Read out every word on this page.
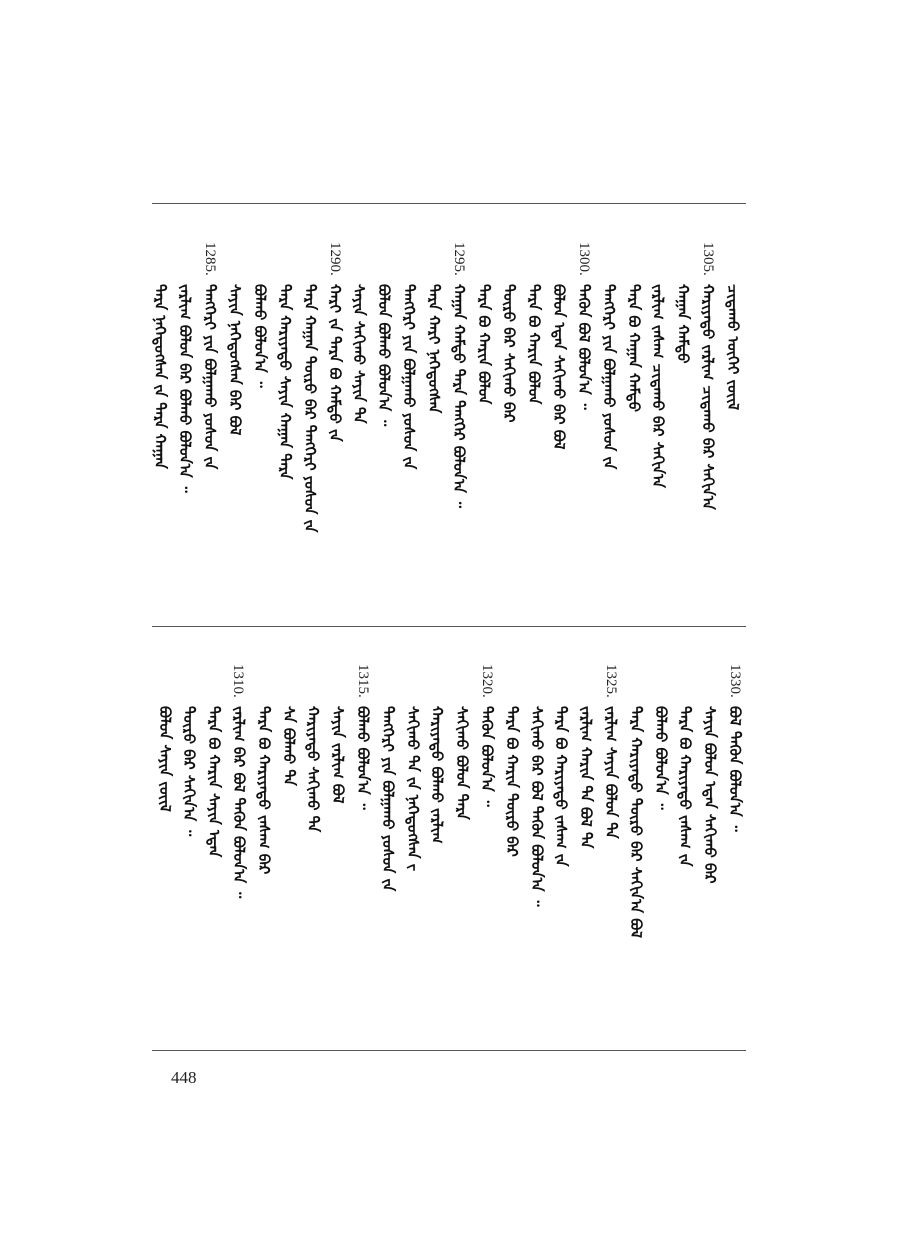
1305.
1300.
1295.
1290.
1285.
ᠴᠢᠳᠠᠬᠤ ᠦᠭᠡᠢ ᠵᠦᠢᠯ
ᠬᠠᠷᠢᠶᠠᠲᠤ ᠵᠠᠷᠯᠢᠭ ᠴᠢᠳᠠᠬᠤ ᠪᠠᠷ ᠰᠠᠬᠢᠨ᠎ᠠ
ᠬᠠᠭᠠᠨ ᠬᠠᠮᠲᠤ
ᠵᠠᠷᠯᠢᠭ ᠵᠠᠰᠠᠭ ᠴᠢᠳᠠᠬᠤ ᠪᠠᠷ ᠰᠠᠬᠢᠨ᠎ᠠ
ᠲᠡᠷᠡ ᠪᠣ ᠬᠠᠭᠠᠨ ᠬᠠᠮᠲᠤ
ᠲᠡᠩᠭᠡᠷᠢ ᠶᠢᠨ ᠪᠣᠯᠭᠠᠬᠤ ᠶᠣᠰᠣᠨ ᠵᠠ
ᠲᠡᠭᠦᠨ ᠪᠣᠯ ᠪᠣᠯᠤᠨ᠎ᠠ ᠃
ᠪᠣᠯᠤᠨ ᠡᠳᠡᠨ ᠰᠠᠬᠢᠬᠤ ᠪᠠᠷ ᠪᠣᠯ
ᠲᠡᠷᠡ ᠪᠣ ᠬᠠᠷᠢᠨ ᠪᠣᠯᠤᠨ
ᠲᠦᠷᠦ ᠪᠠᠷ ᠰᠠᠬᠢᠬᠤ ᠪᠠᠷ
ᠲᠡᠷᠡ ᠪᠣ ᠬᠠᠷᠢᠨ ᠪᠣᠯᠤᠨ
ᠬᠠᠭᠠᠨ ᠬᠠᠮᠲᠤ ᠲᠡᠷᠡ ᠲᠡᠩᠭᠡᠷ ᠪᠣᠯᠤᠨ᠎ᠠ ᠃
ᠲᠡᠷᠡ ᠬᠠᠷᠢ ᠨᠡᠭᠡᠳᠦᠭᠰᠡᠨ
ᠲᠡᠩᠭᠡᠷᠢ ᠶᠢᠨ ᠪᠣᠯᠭᠠᠬᠤ ᠶᠣᠰᠣᠨ ᠵᠠ
ᠪᠣᠯᠤᠨ ᠪᠣᠯᠬᠤ ᠪᠣᠯᠤᠨ᠎ᠠ ᠃
ᠰᠠᠶᠢᠨ ᠰᠠᠬᠢᠬᠤ ᠰᠠᠶᠢᠨ ᠲᠡ
ᠬᠠᠷᠢ ᠵᠠ ᠲᠡᠷᠡ ᠪᠣ ᠬᠠᠮᠲᠤ ᠵᠠ
ᠲᠡᠷᠡ ᠬᠠᠭᠠᠨ ᠳᠦᠷᠦ ᠪᠠᠷ ᠲᠡᠩᠭᠡᠷᠢ ᠶᠣᠰᠣᠨ ᠵᠠ
ᠲᠡᠷᠡ ᠬᠠᠷᠢᠶᠠᠲᠤ ᠰᠠᠶᠢᠨ ᠬᠠᠭᠠᠨ ᠲᠡᠷᠡ
ᠪᠣᠯᠬᠤ ᠪᠣᠯᠤᠨ᠎ᠠ ᠃
ᠰᠠᠶᠢᠨ ᠨᠡᠭᠡᠳᠦᠭᠰᠡᠨ ᠪᠠᠷ ᠪᠣᠯ
ᠲᠡᠩᠭᠡᠷᠢ ᠶᠢᠨ ᠪᠣᠯᠭᠠᠬᠤ ᠶᠣᠰᠣᠨ ᠵᠠ
ᠵᠠᠷᠯᠢᠭ ᠪᠣᠯᠤᠨ ᠪᠠᠷ ᠪᠣᠯᠬᠤ ᠪᠣᠯᠤᠨ᠎ᠠ ᠃
ᠲᠡᠷᠡ ᠨᠡᠭᠡᠳᠦᠭᠰᠡᠨ ᠵᠠ ᠲᠡᠷᠡ ᠬᠠᠭᠠᠨ
1330.
1325.
1320.
1315.
1310.
ᠪᠣᠯ ᠲᠡᠭᠦᠨ ᠪᠣᠯᠤᠨ᠎ᠠ ᠃
ᠰᠠᠶᠢᠨ ᠪᠣᠯᠤᠨ ᠡᠳᠡᠨ ᠰᠠᠬᠢᠬᠤ ᠪᠠᠷ
ᠲᠡᠷᠡ ᠪᠣ ᠬᠠᠷᠢᠶᠠᠲᠤ ᠵᠠᠰᠠᠭ ᠵᠠ
ᠪᠣᠯᠬᠤ ᠪᠣᠯᠤᠨ᠎ᠠ ᠃
ᠲᠡᠷᠡ ᠬᠠᠷᠢᠶᠠᠲᠤ ᠲᠦᠷᠦ ᠪᠠᠷ ᠰᠠᠬᠢᠨ᠎ᠠ ᠪᠣᠯ
ᠵᠠᠷᠯᠢᠭ ᠰᠠᠶᠢᠨ ᠪᠣᠯᠤᠨ ᠲᠡ
ᠵᠠᠷᠯᠢᠭ ᠬᠠᠷᠢᠨ ᠲᠡ ᠪᠣᠯ ᠲᠡ
ᠲᠡᠷᠡ ᠪᠣ ᠬᠠᠷᠢᠶᠠᠲᠤ ᠵᠠᠰᠠᠭ ᠵᠠ
ᠰᠠᠬᠢᠬᠤ ᠪᠠᠷ ᠪᠣᠯ ᠲᠡᠭᠦᠨ ᠪᠣᠯᠤᠨ᠎ᠠ ᠃
ᠲᠡᠷᠡ ᠪᠣ ᠬᠠᠷᠢᠨ ᠲᠦᠷᠦ ᠪᠠᠷ
ᠲᠡᠭᠦᠨ ᠪᠣᠯᠤᠨ᠎ᠠ ᠃
ᠰᠠᠬᠢᠬᠤ ᠪᠣᠯᠤᠨ ᠲᠡᠷᠡ
ᠬᠠᠷᠢᠶᠠᠲᠤ ᠪᠣᠯᠬᠤ ᠵᠠᠷᠯᠢᠭ
ᠰᠠᠬᠢᠬᠤ ᠲᠡ ᠵᠠ ᠨᠡᠭᠡᠳᠦᠭᠰᠡᠨ ᠵ
ᠲᠡᠩᠭᠡᠷᠢ ᠶᠢᠨ ᠪᠣᠯᠭᠠᠬᠤ ᠶᠣᠰᠣᠨ ᠵᠠ
ᠪᠣᠯᠬᠤ ᠪᠣᠯᠤᠨ᠎ᠠ ᠃
ᠰᠠᠶᠢᠨ ᠵᠠᠷᠯᠢᠭ ᠪᠣᠯ
ᠬᠠᠷᠢᠶᠠᠲᠤ ᠰᠠᠬᠢᠬᠤ ᠲᠡ
ᠰᠠ ᠪᠣᠯᠬᠤ ᠲᠡ
ᠲᠡᠷᠡ ᠪᠣ ᠬᠠᠷᠢᠶᠠᠲᠤ ᠵᠠᠰᠠᠭ ᠪᠠᠷ
ᠵᠠᠷᠯᠢᠭ ᠪᠠᠷ ᠪᠣᠯ ᠲᠡᠭᠦᠨ ᠪᠣᠯᠤᠨ᠎ᠠ ᠃
ᠲᠡᠷᠡ ᠪᠣ ᠬᠠᠷᠢᠨ ᠰᠠᠶᠢᠨ ᠡᠳᠡᠨ
ᠲᠦᠷᠦ ᠪᠠᠷ ᠰᠠᠬᠢᠨ᠎ᠠ ᠃
ᠪᠣᠯᠤᠨ ᠰᠠᠶᠢᠨ ᠵᠦᠢᠯ
448
